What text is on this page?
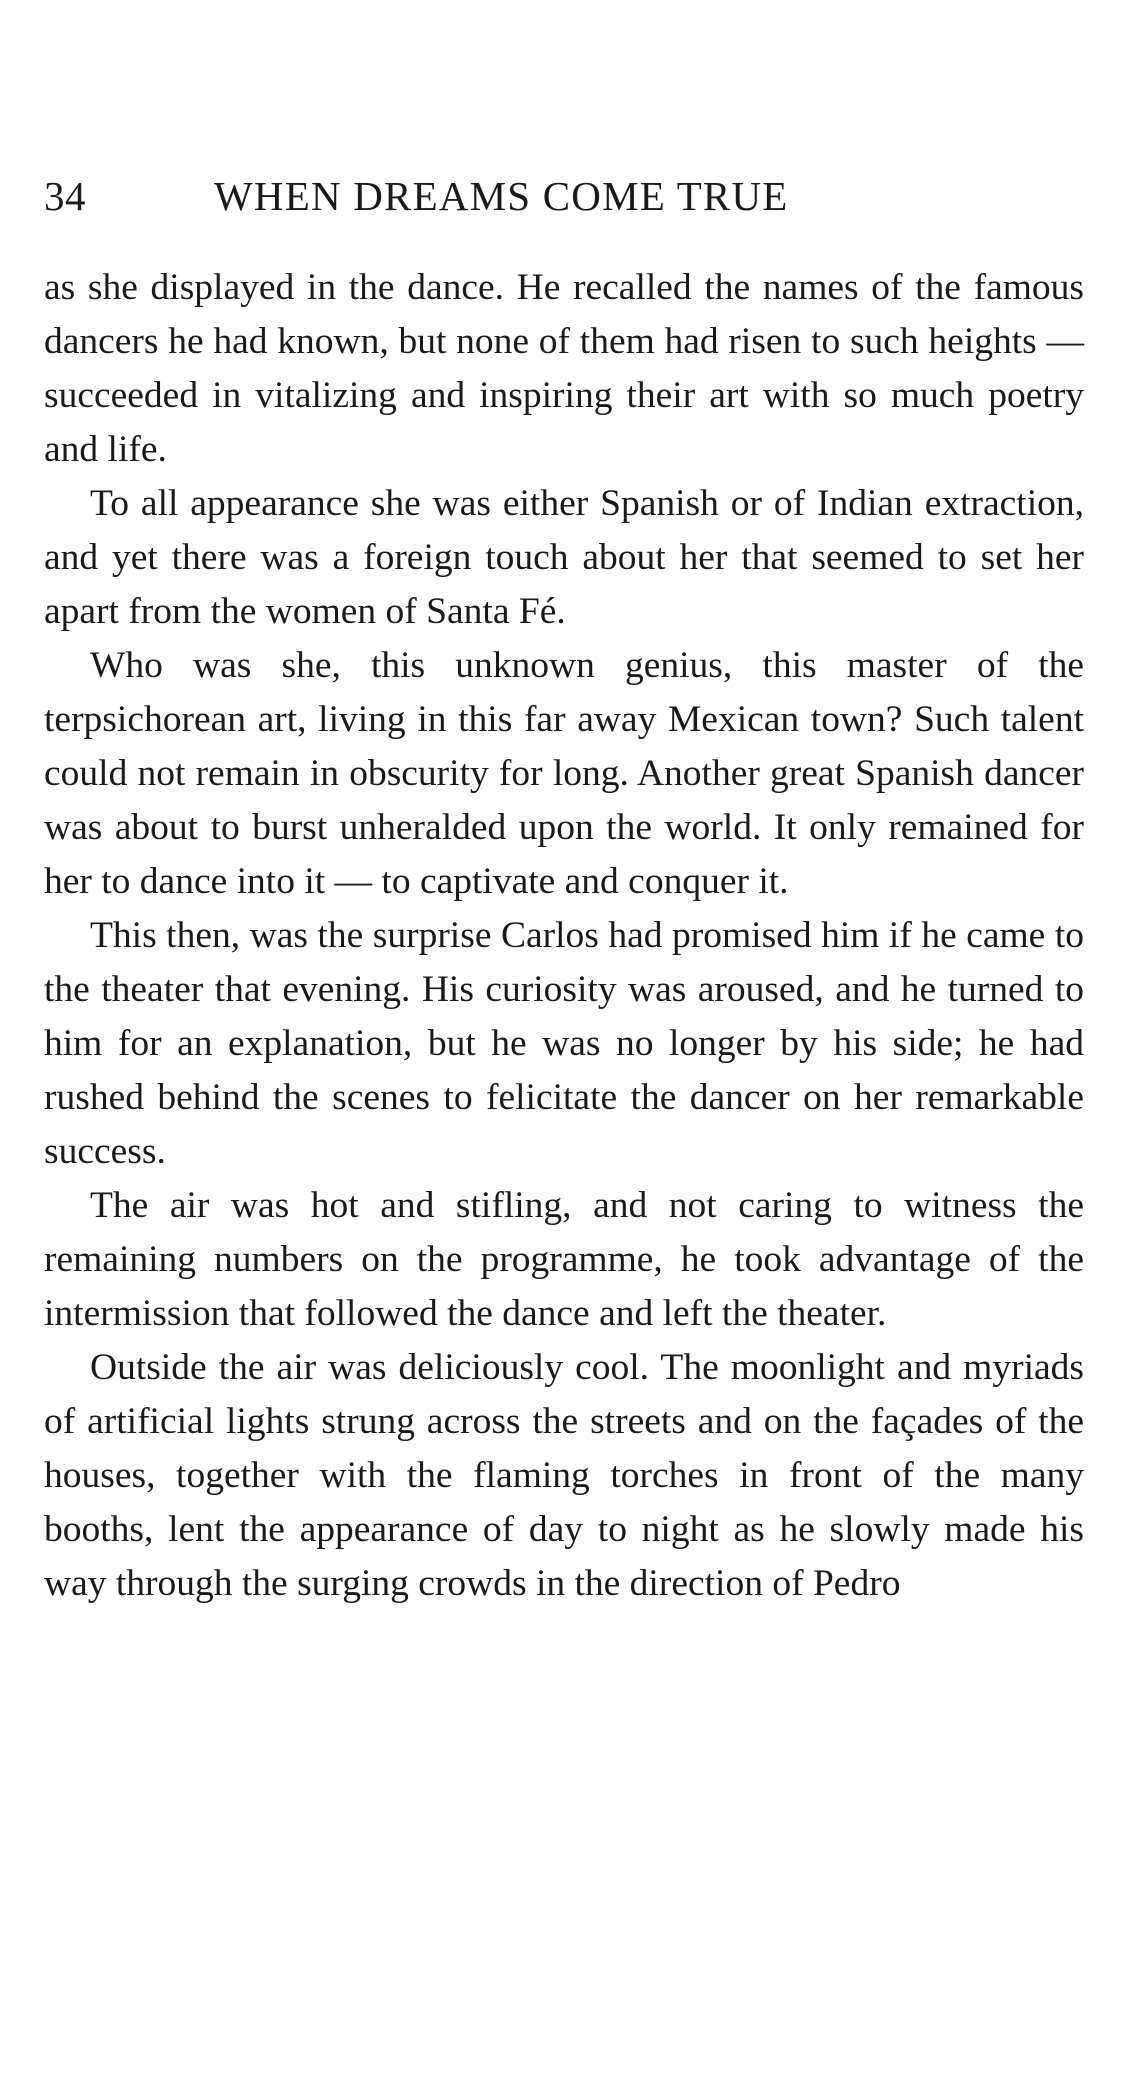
34	WHEN DREAMS COME TRUE

as she displayed in the dance. He recalled the names of the famous dancers he had known, but none of them had risen to such heights — succeeded in vitalizing and inspiring their art with so much poetry and life.

To all appearance she was either Spanish or of Indian extraction, and yet there was a foreign touch about her that seemed to set her apart from the women of Santa Fé.

Who was she, this unknown genius, this master of the terpsichorean art, living in this far away Mexican town? Such talent could not remain in obscurity for long. Another great Spanish dancer was about to burst unheralded upon the world. It only remained for her to dance into it — to captivate and conquer it.

This then, was the surprise Carlos had promised him if he came to the theater that evening. His curiosity was aroused, and he turned to him for an explanation, but he was no longer by his side; he had rushed behind the scenes to felicitate the dancer on her remarkable success.

The air was hot and stifling, and not caring to witness the remaining numbers on the programme, he took advantage of the intermission that followed the dance and left the theater.

Outside the air was deliciously cool. The moonlight and myriads of artificial lights strung across the streets and on the façades of the houses, together with the flaming torches in front of the many booths, lent the appearance of day to night as he slowly made his way through the surging crowds in the direction of Pedro
